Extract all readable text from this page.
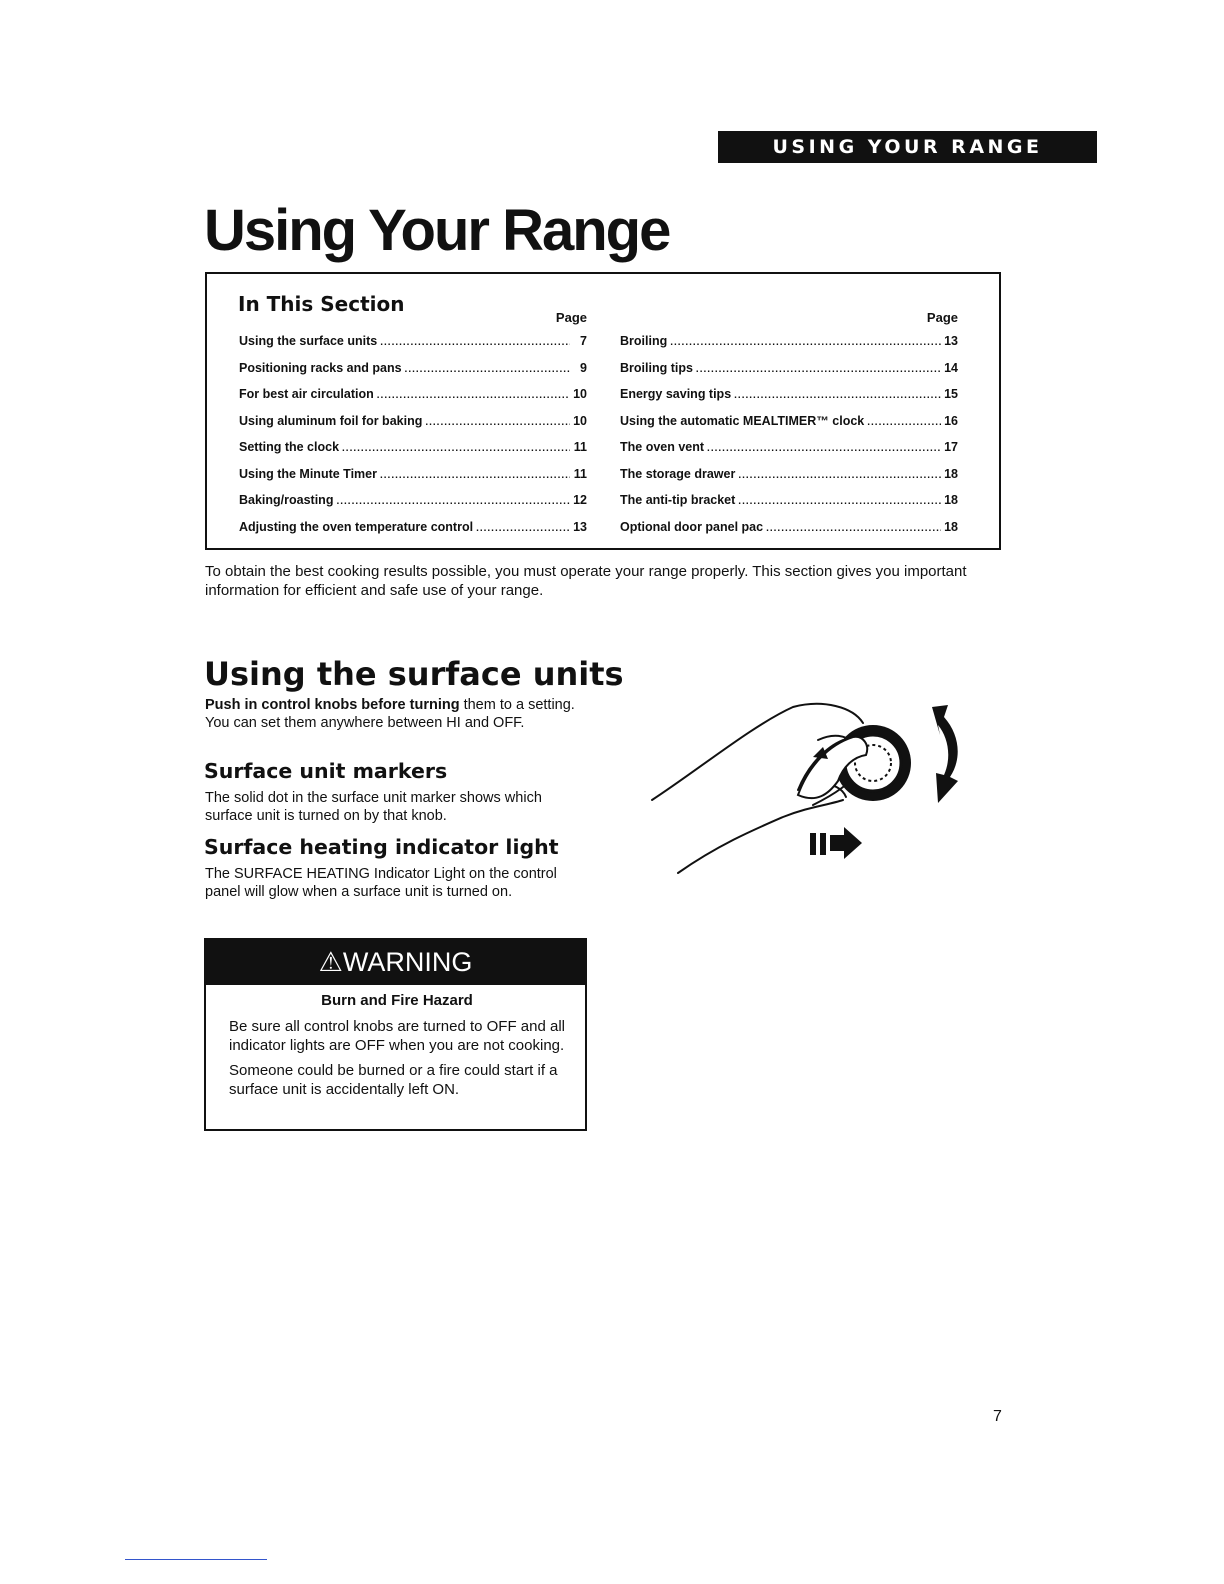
USING YOUR RANGE
Using Your Range
In This Section
Page
Using the surface units .....	7
Positioning racks and pans .....	9
For best air circulation .....	10
Using aluminum foil for baking .....	10
Setting the clock .....	11
Using the Minute Timer .....	11
Baking/roasting .....	12
Adjusting the oven temperature control .....	13
Page
Broiling .....	13
Broiling tips .....	14
Energy saving tips .....	15
Using the automatic MEALTIMER™ clock .....	16
The oven vent .....	17
The storage drawer .....	18
The anti-tip bracket .....	18
Optional door panel pac .....	18

To obtain the best cooking results possible, you must operate your range properly. This section gives you important information for efficient and safe use of your range.

Using the surface units

Push in control knobs before turning them to a setting. You can set them anywhere between HI and OFF.

Surface unit markers

The solid dot in the surface unit marker shows which surface unit is turned on by that knob.

Surface heating indicator light

The SURFACE HEATING Indicator Light on the control panel will glow when a surface unit is turned on.

⚠WARNING
Burn and Fire Hazard

Be sure all control knobs are turned to OFF and all indicator lights are OFF when you are not cooking.

Someone could be burned or a fire could start if a surface unit is accidentally left ON.

7
